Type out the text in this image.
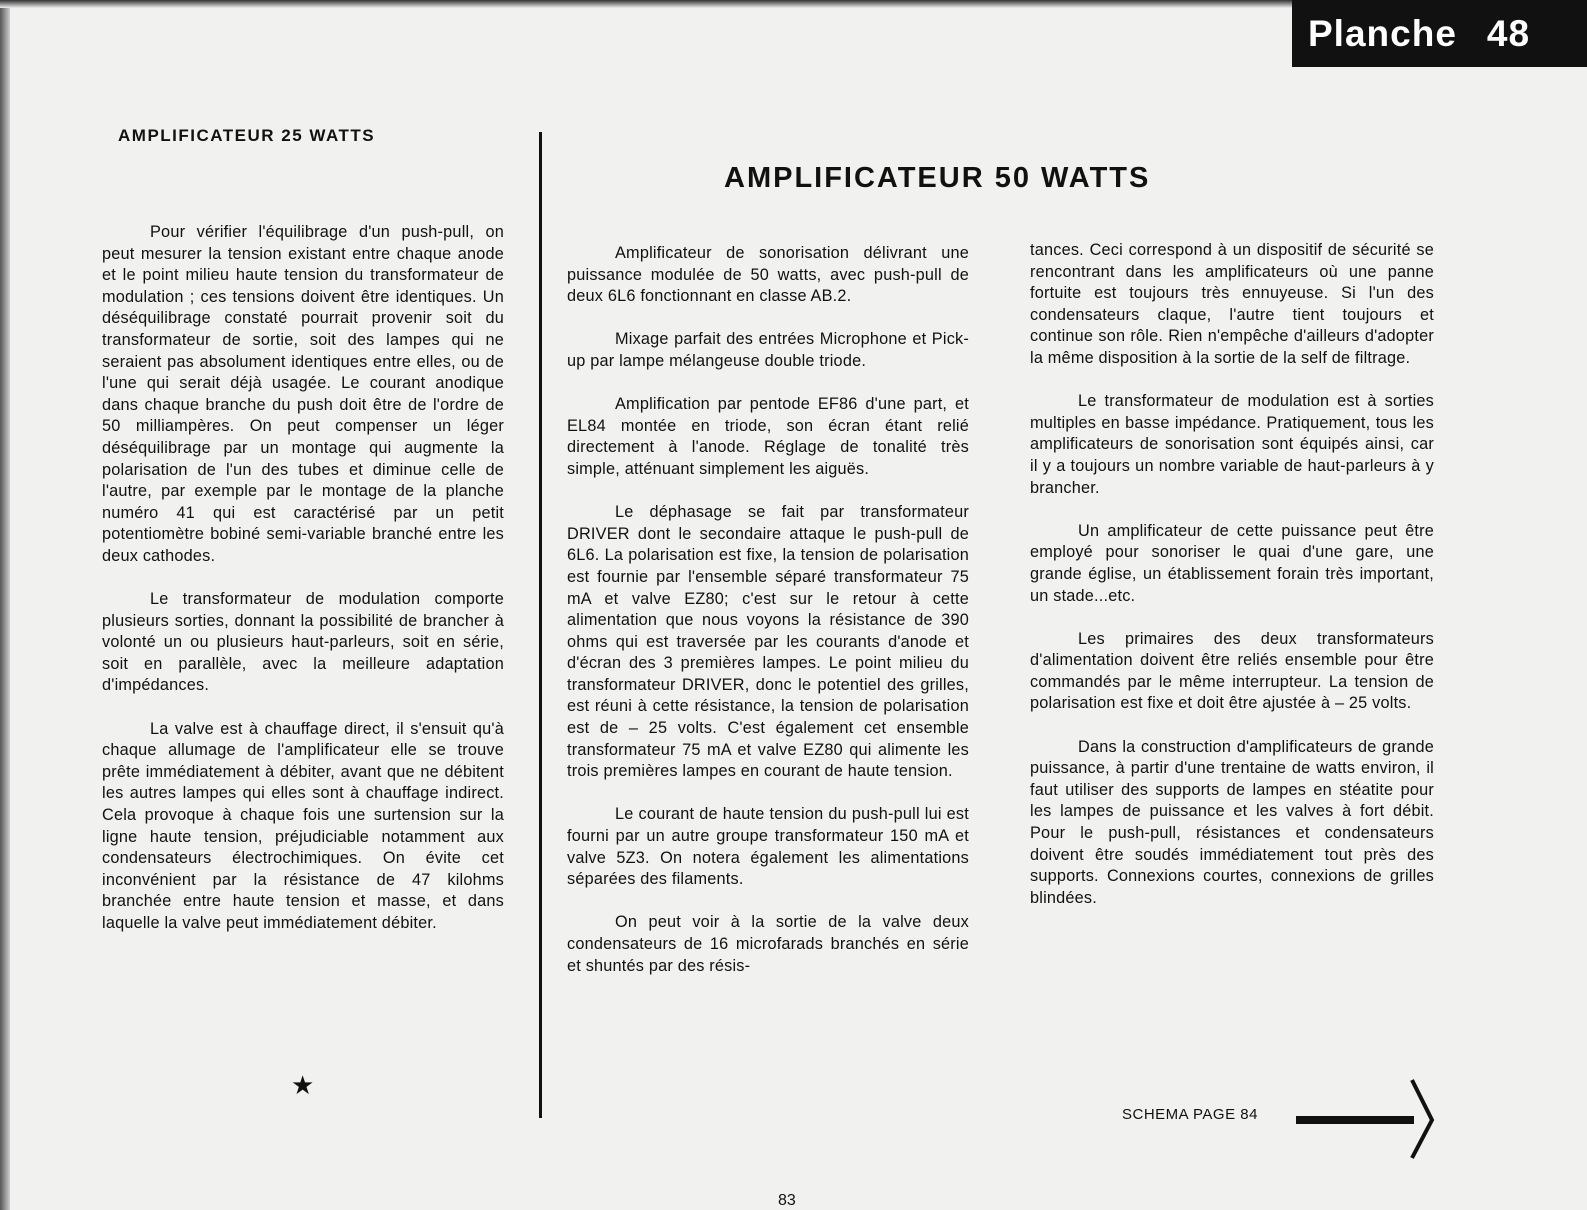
Planche 48
AMPLIFICATEUR 25 WATTS
AMPLIFICATEUR 50 WATTS

Pour vérifier l'équilibrage d'un push-pull, on peut mesurer la tension existant entre chaque anode et le point milieu haute tension du transformateur de modulation ; ces tensions doivent être identiques. Un déséquilibrage constaté pourrait provenir soit du transformateur de sortie, soit des lampes qui ne seraient pas absolument identiques entre elles, ou de l'une qui serait déjà usagée. Le courant anodique dans chaque branche du push doit être de l'ordre de 50 milliampères. On peut compenser un léger déséquilibrage par un montage qui augmente la polarisation de l'un des tubes et diminue celle de l'autre, par exemple par le montage de la planche numéro 41 qui est caractérisé par un petit potentiomètre bobiné semi-variable branché entre les deux cathodes.

Le transformateur de modulation comporte plusieurs sorties, donnant la possibilité de brancher à volonté un ou plusieurs haut-parleurs, soit en série, soit en parallèle, avec la meilleure adaptation d'impédances.

La valve est à chauffage direct, il s'ensuit qu'à chaque allumage de l'amplificateur elle se trouve prête immédiatement à débiter, avant que ne débitent les autres lampes qui elles sont à chauffage indirect. Cela provoque à chaque fois une surtension sur la ligne haute tension, préjudiciable notamment aux condensateurs électrochimiques. On évite cet inconvénient par la résistance de 47 kilohms branchée entre haute tension et masse, et dans laquelle la valve peut immédiatement débiter.

★

Amplificateur de sonorisation délivrant une puissance modulée de 50 watts, avec push-pull de deux 6L6 fonctionnant en classe AB.2.

Mixage parfait des entrées Microphone et Pick-up par lampe mélangeuse double triode.

Amplification par pentode EF86 d'une part, et EL84 montée en triode, son écran étant relié directement à l'anode. Réglage de tonalité très simple, atténuant simplement les aiguës.

Le déphasage se fait par transformateur DRIVER dont le secondaire attaque le push-pull de 6L6. La polarisation est fixe, la tension de polarisation est fournie par l'ensemble séparé transformateur 75 mA et valve EZ80; c'est sur le retour à cette alimentation que nous voyons la résistance de 390 ohms qui est traversée par les courants d'anode et d'écran des 3 premières lampes. Le point milieu du transformateur DRIVER, donc le potentiel des grilles, est réuni à cette résistance, la tension de polarisation est de – 25 volts. C'est également cet ensemble transformateur 75 mA et valve EZ80 qui alimente les trois premières lampes en courant de haute tension.

Le courant de haute tension du push-pull lui est fourni par un autre groupe transformateur 150 mA et valve 5Z3. On notera également les alimentations séparées des filaments.

On peut voir à la sortie de la valve deux condensateurs de 16 microfarads branchés en série et shuntés par des résis-

tances. Ceci correspond à un dispositif de sécurité se rencontrant dans les amplificateurs où une panne fortuite est toujours très ennuyeuse. Si l'un des condensateurs claque, l'autre tient toujours et continue son rôle. Rien n'empêche d'ailleurs d'adopter la même disposition à la sortie de la self de filtrage.

Le transformateur de modulation est à sorties multiples en basse impédance. Pratiquement, tous les amplificateurs de sonorisation sont équipés ainsi, car il y a toujours un nombre variable de haut-parleurs à y brancher.

Un amplificateur de cette puissance peut être employé pour sonoriser le quai d'une gare, une grande église, un établissement forain très important, un stade...etc.

Les primaires des deux transformateurs d'alimentation doivent être reliés ensemble pour être commandés par le même interrupteur. La tension de polarisation est fixe et doit être ajustée à – 25 volts.

Dans la construction d'amplificateurs de grande puissance, à partir d'une trentaine de watts environ, il faut utiliser des supports de lampes en stéatite pour les lampes de puissance et les valves à fort débit. Pour le push-pull, résistances et condensateurs doivent être soudés immédiatement tout près des supports. Connexions courtes, connexions de grilles blindées.

SCHEMA PAGE 84
83
